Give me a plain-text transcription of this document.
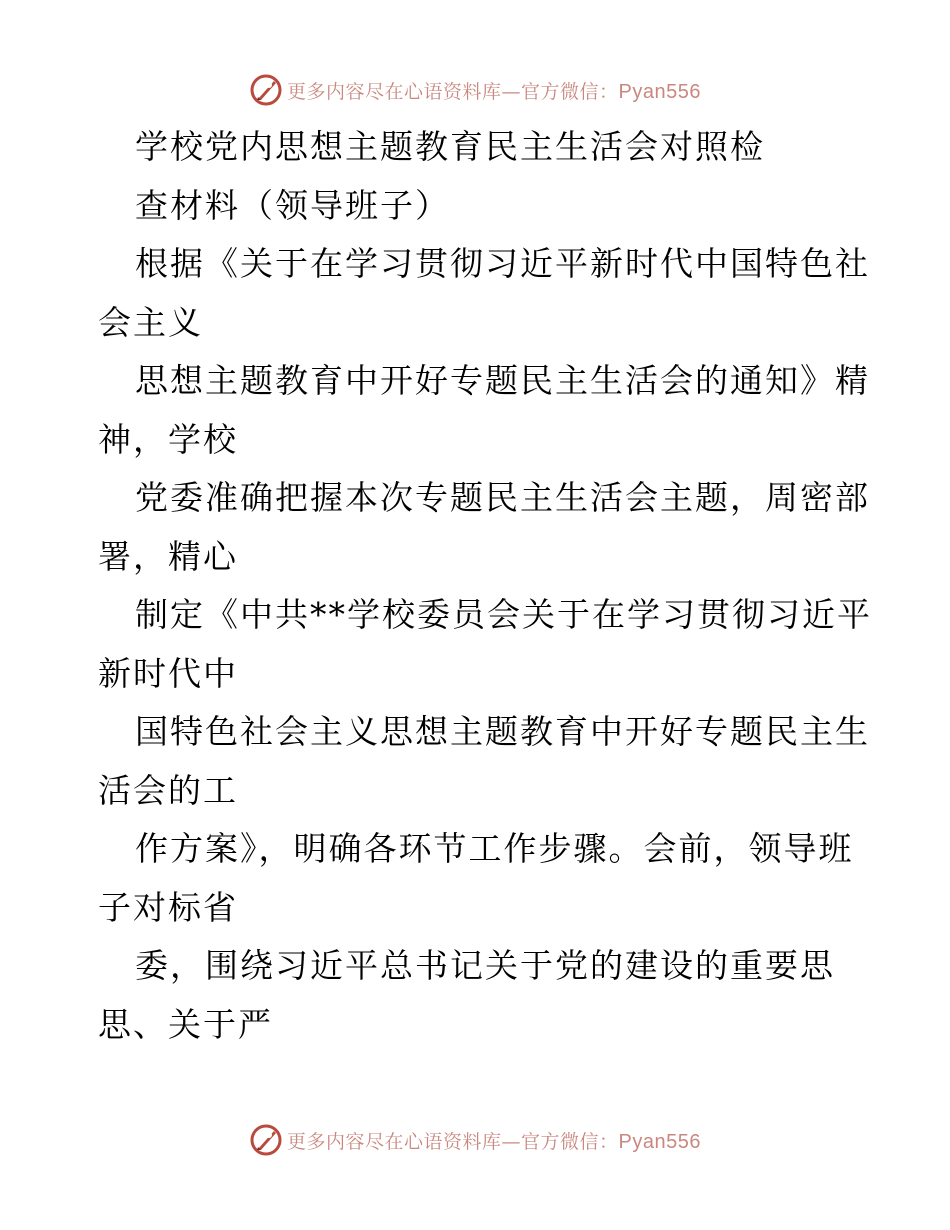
更多内容尽在心语资料库—官方微信：Pyan556
学校党内思想主题教育民主生活会对照检
查材料（领导班子）
根据《关于在学习贯彻习近平新时代中国特色社
会主义
思想主题教育中开好专题民主生活会的通知》精
神，学校
党委准确把握本次专题民主生活会主题，周密部
署，精心
制定《中共**学校委员会关于在学习贯彻习近平
新时代中
国特色社会主义思想主题教育中开好专题民主生
活会的工
作方案》，明确各环节工作步骤。会前，领导班
子对标省
委，围绕习近平总书记关于党的建设的重要思
思、关于严
更多内容尽在心语资料库—官方微信：Pyan556
